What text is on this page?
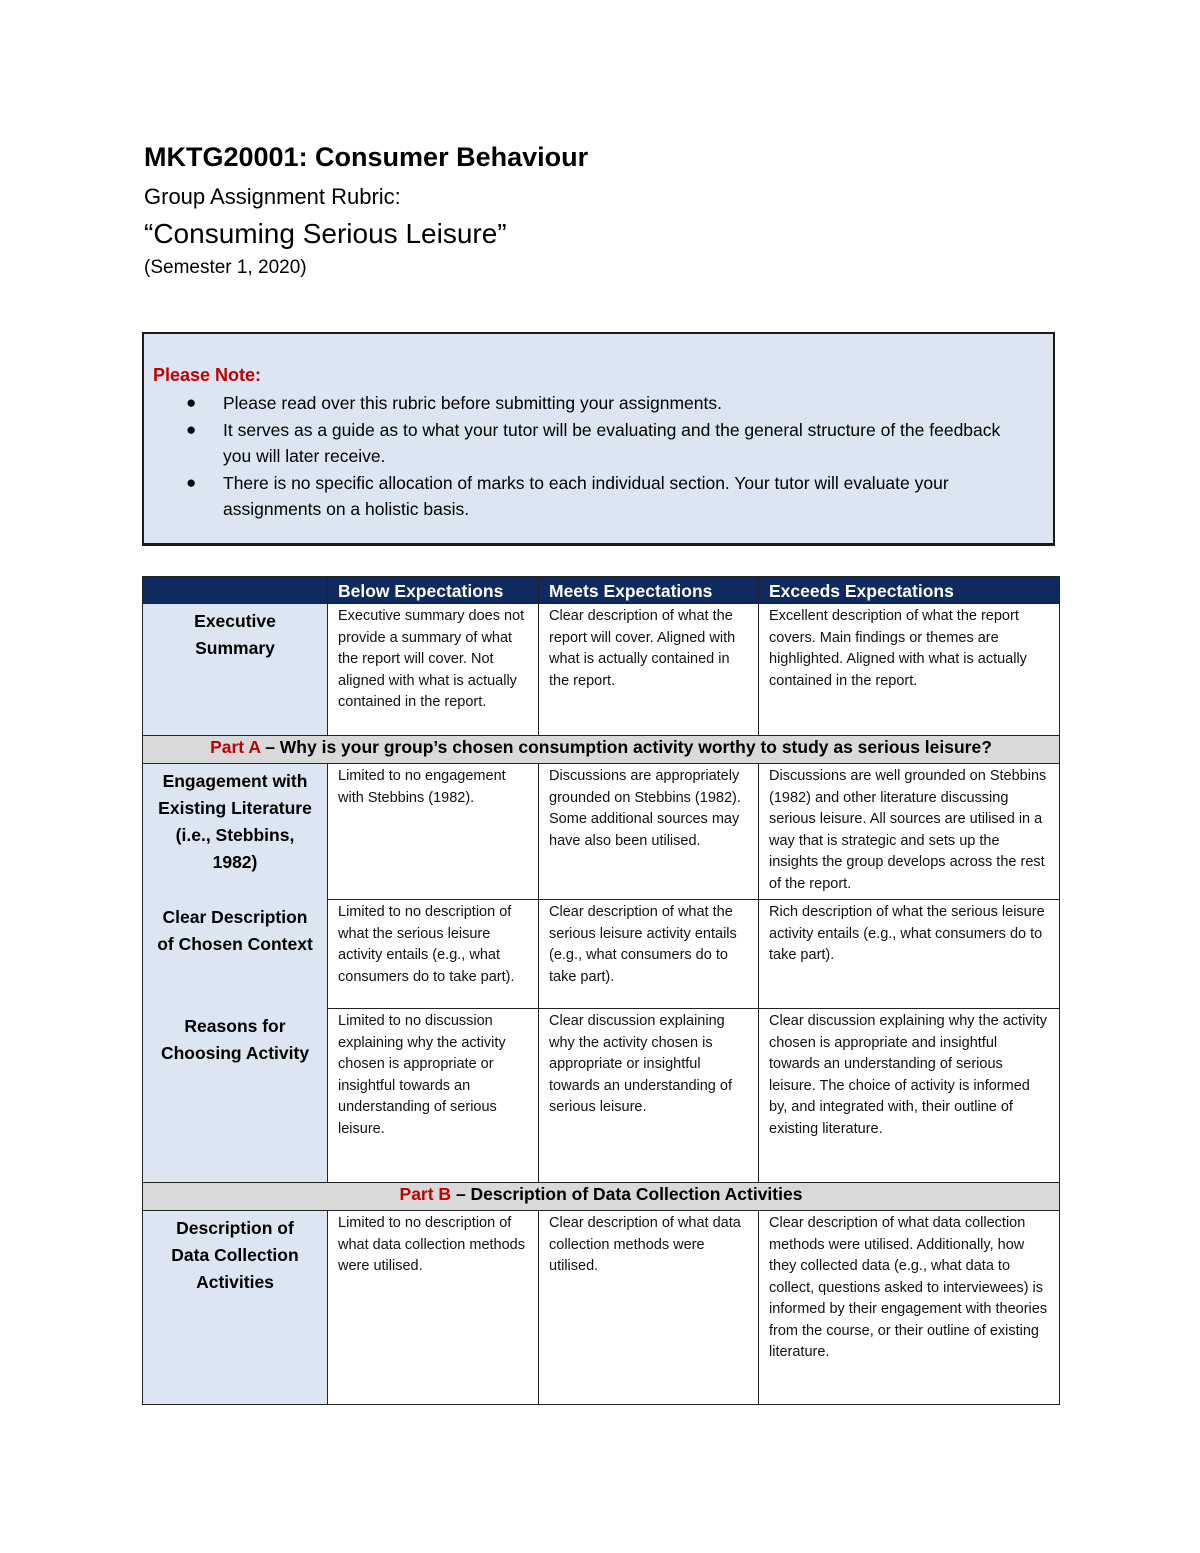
MKTG20001: Consumer Behaviour
Group Assignment Rubric:
“Consuming Serious Leisure”
(Semester 1, 2020)
Please Note:
● Please read over this rubric before submitting your assignments.
● It serves as a guide as to what your tutor will be evaluating and the general structure of the feedback you will later receive.
● There is no specific allocation of marks to each individual section. Your tutor will evaluate your assignments on a holistic basis.
	Below Expectations	Meets Expectations	Exceeds Expectations
Executive Summary	Executive summary does not provide a summary of what the report will cover. Not aligned with what is actually contained in the report.	Clear description of what the report will cover. Aligned with what is actually contained in the report.	Excellent description of what the report covers. Main findings or themes are highlighted. Aligned with what is actually contained in the report.
Part A – Why is your group’s chosen consumption activity worthy to study as serious leisure?			
Engagement with Existing Literature (i.e., Stebbins, 1982)	Limited to no engagement with Stebbins (1982).	Discussions are appropriately grounded on Stebbins (1982). Some additional sources may have also been utilised.	Discussions are well grounded on Stebbins (1982) and other literature discussing serious leisure. All sources are utilised in a way that is strategic and sets up the insights the group develops across the rest of the report.
Clear Description of Chosen Context	Limited to no description of what the serious leisure activity entails (e.g., what consumers do to take part).	Clear description of what the serious leisure activity entails (e.g., what consumers do to take part).	Rich description of what the serious leisure activity entails (e.g., what consumers do to take part).
Reasons for Choosing Activity	Limited to no discussion explaining why the activity chosen is appropriate or insightful towards an understanding of serious leisure.	Clear discussion explaining why the activity chosen is appropriate or insightful towards an understanding of serious leisure.	Clear discussion explaining why the activity chosen is appropriate and insightful towards an understanding of serious leisure. The choice of activity is informed by, and integrated with, their outline of existing literature.
Part B – Description of Data Collection Activities			
Description of Data Collection Activities	Limited to no description of what data collection methods were utilised.	Clear description of what data collection methods were utilised.	Clear description of what data collection methods were utilised. Additionally, how they collected data (e.g., what data to collect, questions asked to interviewees) is informed by their engagement with theories from the course, or their outline of existing literature.
